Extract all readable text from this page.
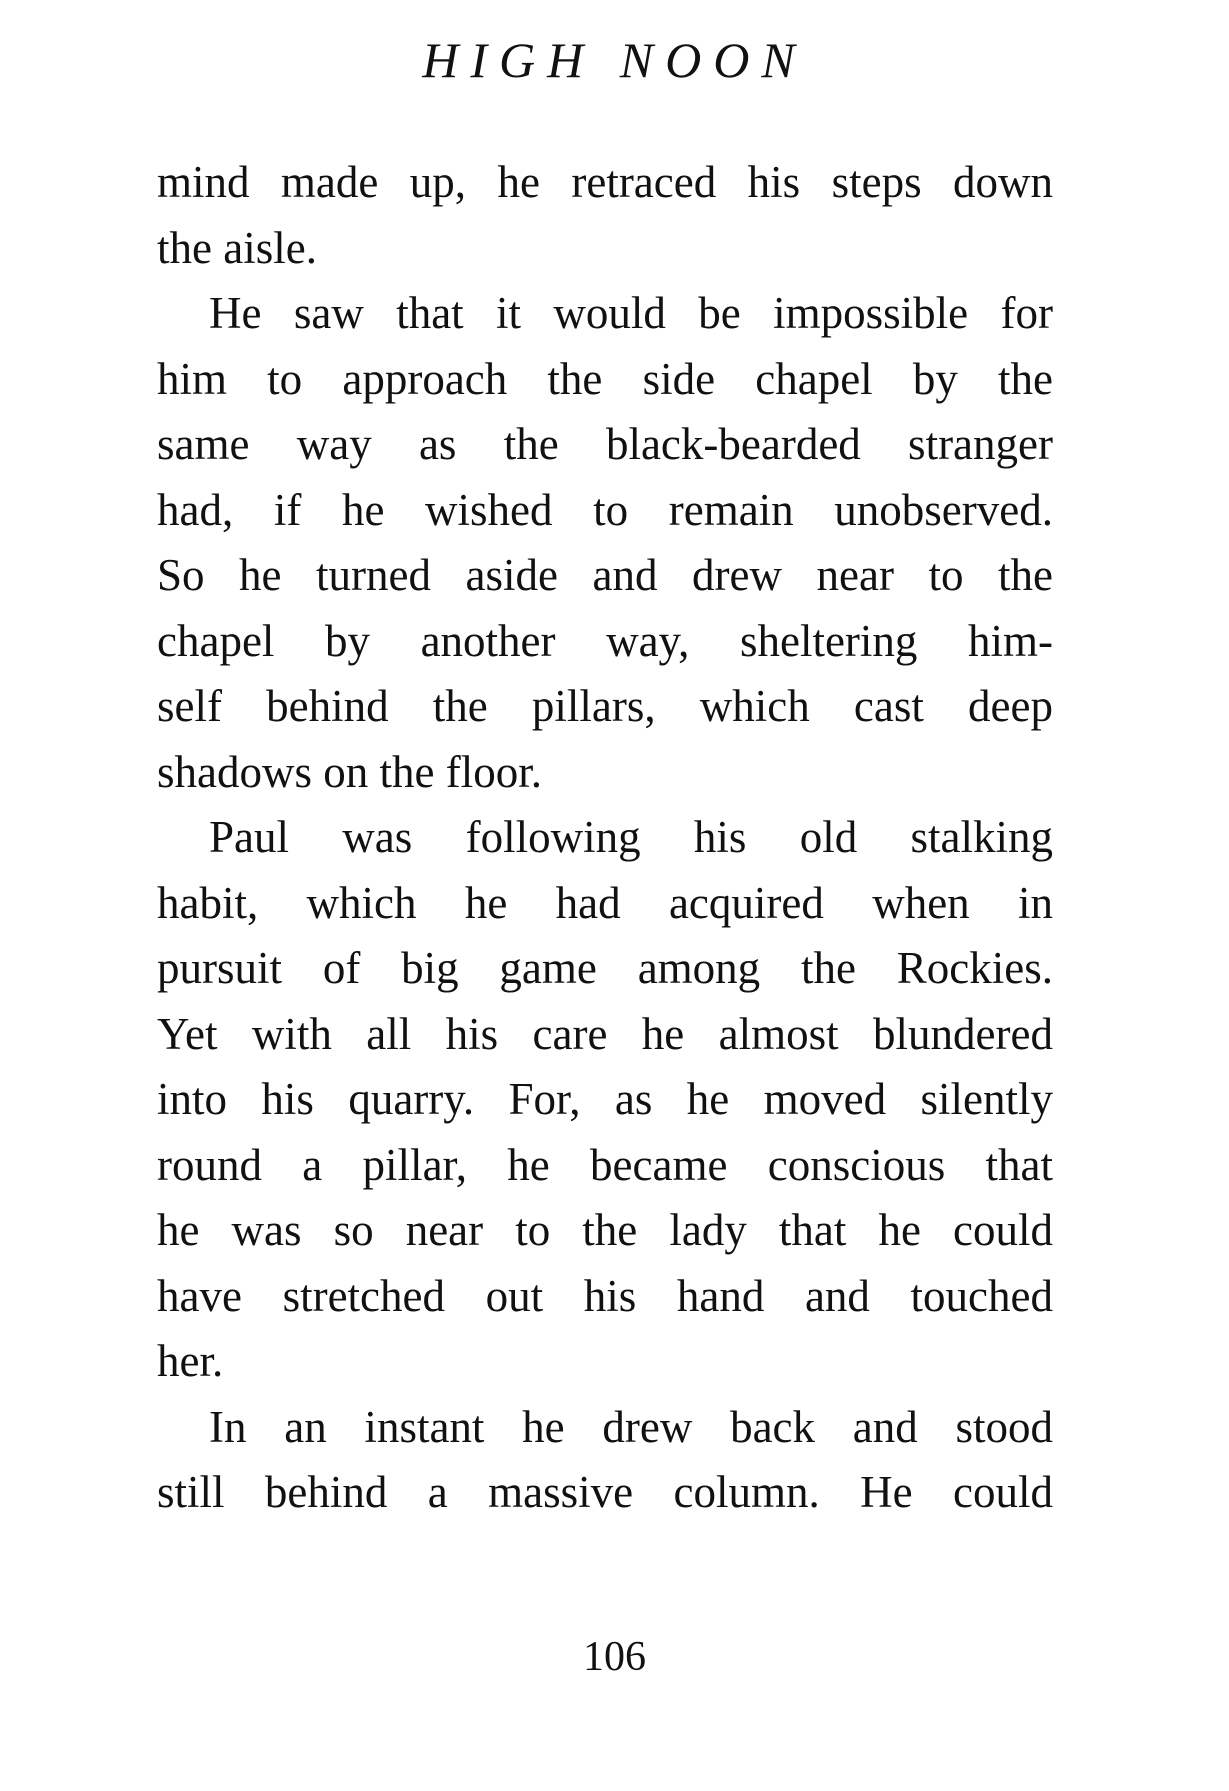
HIGH NOON
mind made up, he retraced his steps down
the aisle.
He saw that it would be impossible for
him to approach the side chapel by the
same way as the black-bearded stranger
had, if he wished to remain unobserved.
So he turned aside and drew near to the
chapel by another way, sheltering him-
self behind the pillars, which cast deep
shadows on the floor.
Paul was following his old stalking
habit, which he had acquired when in
pursuit of big game among the Rockies.
Yet with all his care he almost blundered
into his quarry. For, as he moved silently
round a pillar, he became conscious that
he was so near to the lady that he could
have stretched out his hand and touched
her.
In an instant he drew back and stood
still behind a massive column. He could
106
